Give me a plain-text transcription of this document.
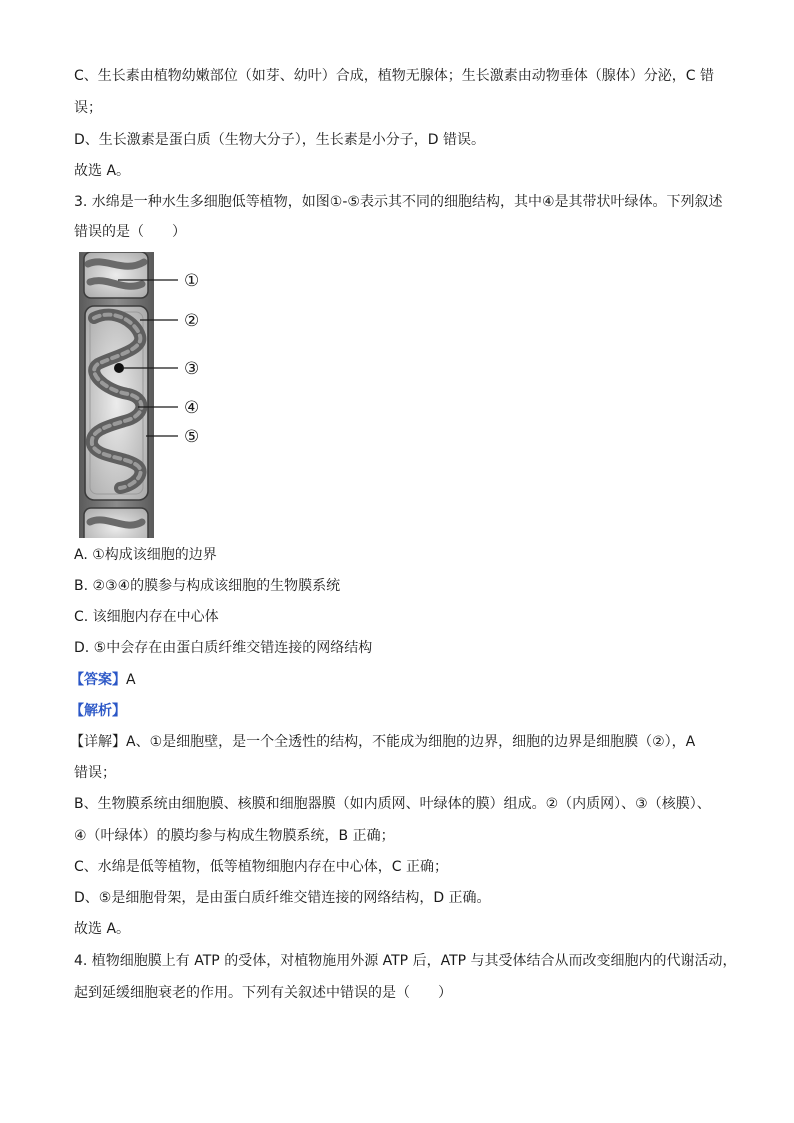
C、生长素由植物幼嫩部位（如芽、幼叶）合成，植物无腺体；生长激素由动物垂体（腺体）分泌，C 错
误；
D、生长激素是蛋白质（生物大分子），生长素是小分子，D 错误。
故选 A。
3. 水绵是一种水生多细胞低等植物，如图①-⑤表示其不同的细胞结构，其中④是其带状叶绿体。下列叙述
错误的是（　　）
①
②
③
④
⑤
A. ①构成该细胞的边界
B. ②③④的膜参与构成该细胞的生物膜系统
C. 该细胞内存在中心体
D. ⑤中会存在由蛋白质纤维交错连接的网络结构
【答案】A
【解析】
【详解】A、①是细胞壁，是一个全透性的结构，不能成为细胞的边界，细胞的边界是细胞膜（②），A
错误；
B、生物膜系统由细胞膜、核膜和细胞器膜（如内质网、叶绿体的膜）组成。②（内质网）、③（核膜）、
④（叶绿体）的膜均参与构成生物膜系统，B 正确；
C、水绵是低等植物，低等植物细胞内存在中心体，C 正确；
D、⑤是细胞骨架，是由蛋白质纤维交错连接的网络结构，D 正确。
故选 A。
4. 植物细胞膜上有 ATP 的受体，对植物施用外源 ATP 后，ATP 与其受体结合从而改变细胞内的代谢活动，
起到延缓细胞衰老的作用。下列有关叙述中错误的是（　　）
